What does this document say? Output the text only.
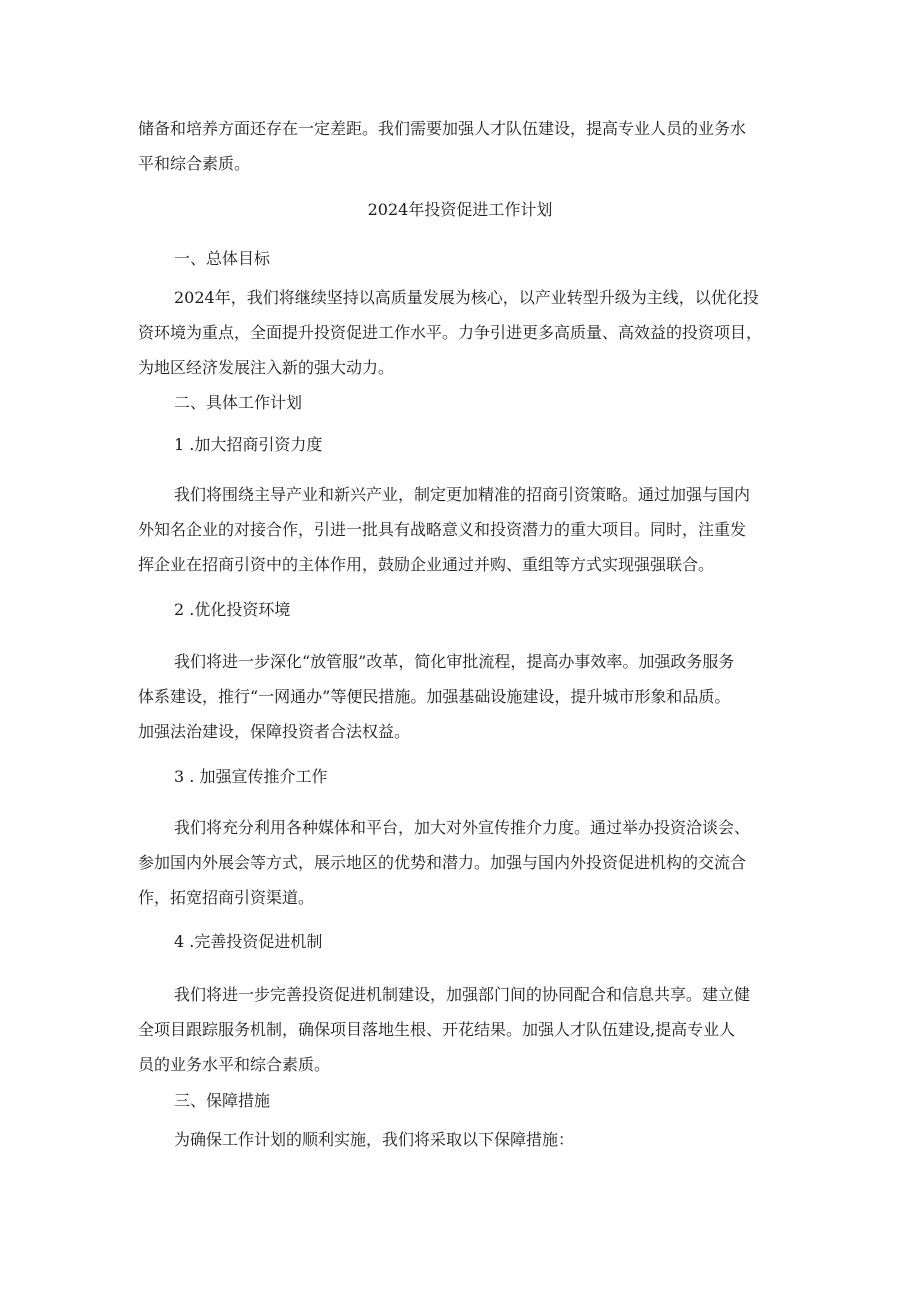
储备和培养方面还存在一定差距。我们需要加强人才队伍建设，提高专业人员的业务水
平和综合素质。
2024年投资促进工作计划
一、总体目标
2024年，我们将继续坚持以高质量发展为核心，以产业转型升级为主线，以优化投
资环境为重点，全面提升投资促进工作水平。力争引进更多高质量、高效益的投资项目，
为地区经济发展注入新的强大动力。
二、具体工作计划
1 .加大招商引资力度
我们将围绕主导产业和新兴产业，制定更加精准的招商引资策略。通过加强与国内
外知名企业的对接合作，引进一批具有战略意义和投资潜力的重大项目。同时，注重发
挥企业在招商引资中的主体作用，鼓励企业通过并购、重组等方式实现强强联合。
2 .优化投资环境
我们将进一步深化“放管服”改革，简化审批流程，提高办事效率。加强政务服务
体系建设，推行“一网通办”等便民措施。加强基础设施建设，提升城市形象和品质。
加强法治建设，保障投资者合法权益。
3 . 加强宣传推介工作
我们将充分利用各种媒体和平台，加大对外宣传推介力度。通过举办投资洽谈会、
参加国内外展会等方式，展示地区的优势和潜力。加强与国内外投资促进机构的交流合
作，拓宽招商引资渠道。
4 .完善投资促进机制
我们将进一步完善投资促进机制建设，加强部门间的协同配合和信息共享。建立健
全项目跟踪服务机制，确保项目落地生根、开花结果。加强人才队伍建设,提高专业人
员的业务水平和综合素质。
三、保障措施
为确保工作计划的顺利实施，我们将采取以下保障措施：
